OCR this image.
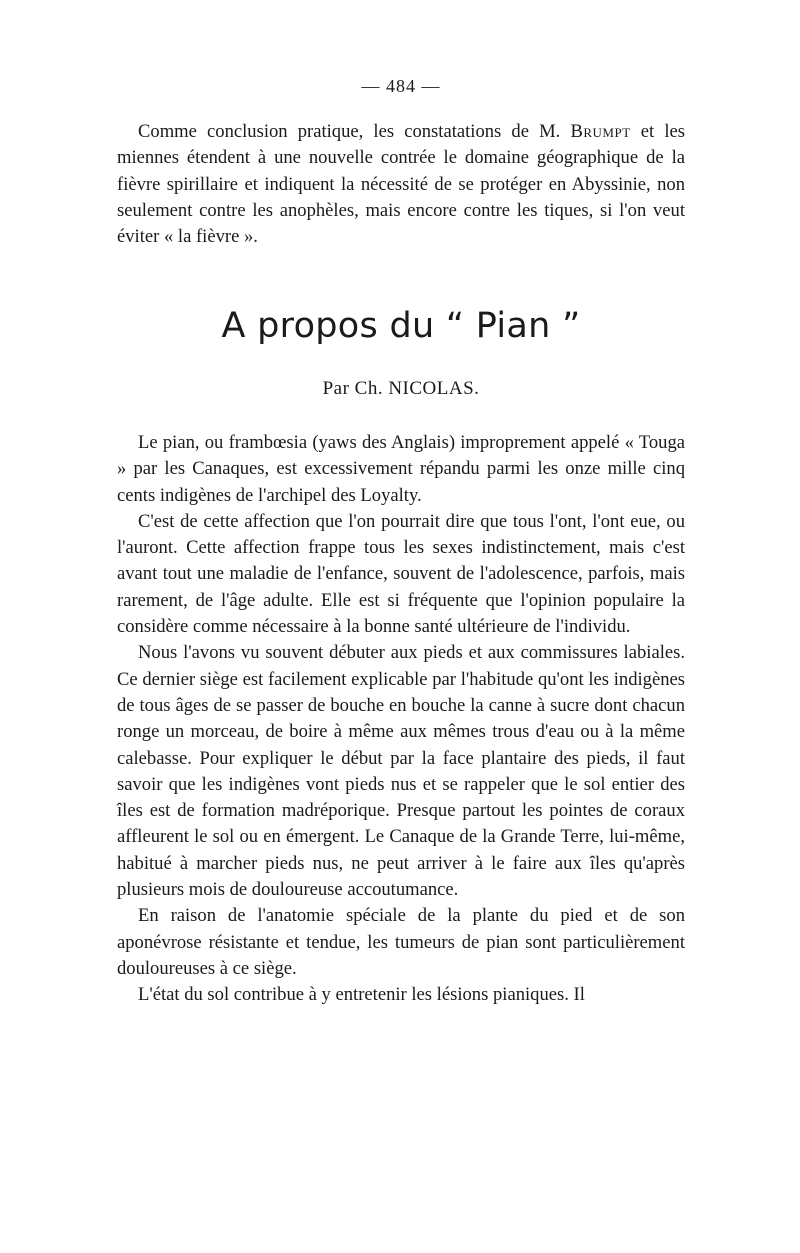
— 484 —

Comme conclusion pratique, les constatations de M. Brumpt et les miennes étendent à une nouvelle contrée le domaine géographique de la fièvre spirillaire et indiquent la nécessité de se protéger en Abyssinie, non seulement contre les anophèles, mais encore contre les tiques, si l'on veut éviter « la fièvre ».

A propos du “ Pian ”
Par Ch. NICOLAS.

Le pian, ou frambœsia (yaws des Anglais) improprement appelé « Touga » par les Canaques, est excessivement répandu parmi les onze mille cinq cents indigènes de l'archipel des Loyalty.

C'est de cette affection que l'on pourrait dire que tous l'ont, l'ont eue, ou l'auront. Cette affection frappe tous les sexes indistinctement, mais c'est avant tout une maladie de l'enfance, souvent de l'adolescence, parfois, mais rarement, de l'âge adulte. Elle est si fréquente que l'opinion populaire la considère comme nécessaire à la bonne santé ultérieure de l'individu.

Nous l'avons vu souvent débuter aux pieds et aux commissures labiales. Ce dernier siège est facilement explicable par l'habitude qu'ont les indigènes de tous âges de se passer de bouche en bouche la canne à sucre dont chacun ronge un morceau, de boire à même aux mêmes trous d'eau ou à la même calebasse. Pour expliquer le début par la face plantaire des pieds, il faut savoir que les indigènes vont pieds nus et se rappeler que le sol entier des îles est de formation madréporique. Presque partout les pointes de coraux affleurent le sol ou en émergent. Le Canaque de la Grande Terre, lui-même, habitué à marcher pieds nus, ne peut arriver à le faire aux îles qu'après plusieurs mois de douloureuse accoutumance.

En raison de l'anatomie spéciale de la plante du pied et de son aponévrose résistante et tendue, les tumeurs de pian sont particulièrement douloureuses à ce siège.

L'état du sol contribue à y entretenir les lésions pianiques. Il
